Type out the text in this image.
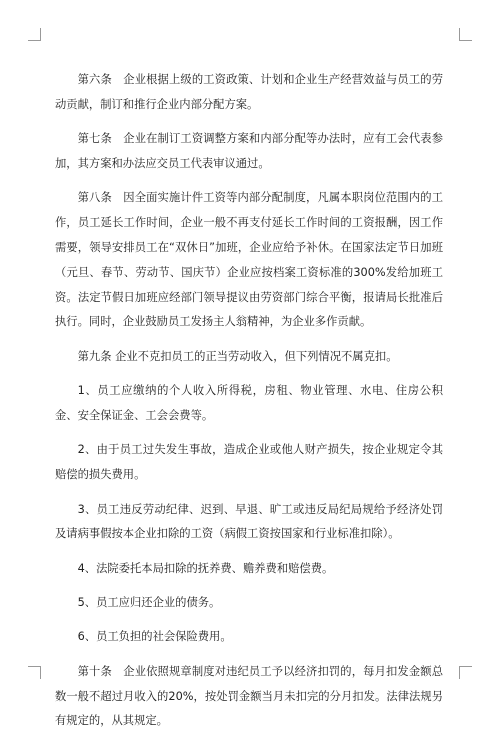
第六条　企业根据上级的工资政策、计划和企业生产经营效益与员工的劳动贡献，制订和推行企业内部分配方案。

第七条　企业在制订工资调整方案和内部分配等办法时，应有工会代表参加，其方案和办法应交员工代表审议通过。

第八条　因全面实施计件工资等内部分配制度，凡属本职岗位范围内的工作，员工延长工作时间，企业一般不再支付延长工作时间的工资报酬，因工作需要，领导安排员工在“双休日”加班，企业应给予补休。在国家法定节日加班（元旦、春节、劳动节、国庆节）企业应按档案工资标准的300%发给加班工资。法定节假日加班应经部门领导提议由劳资部门综合平衡，报请局长批准后执行。同时，企业鼓励员工发扬主人翁精神，为企业多作贡献。

第九条 企业不克扣员工的正当劳动收入，但下列情况不属克扣。

1、员工应缴纳的个人收入所得税，房租、物业管理、水电、住房公积金、安全保证金、工会会费等。

2、由于员工过失发生事故，造成企业或他人财产损失，按企业规定令其赔偿的损失费用。

3、员工违反劳动纪律、迟到、早退、旷工或违反局纪局规给予经济处罚及请病事假按本企业扣除的工资（病假工资按国家和行业标准扣除）。

4、法院委托本局扣除的抚养费、赡养费和赔偿费。

5、员工应归还企业的债务。

6、员工负担的社会保险费用。

第十条　企业依照规章制度对违纪员工予以经济扣罚的，每月扣发金额总数一般不超过月收入的20%，按处罚金额当月未扣完的分月扣发。法律法规另有规定的，从其规定。
